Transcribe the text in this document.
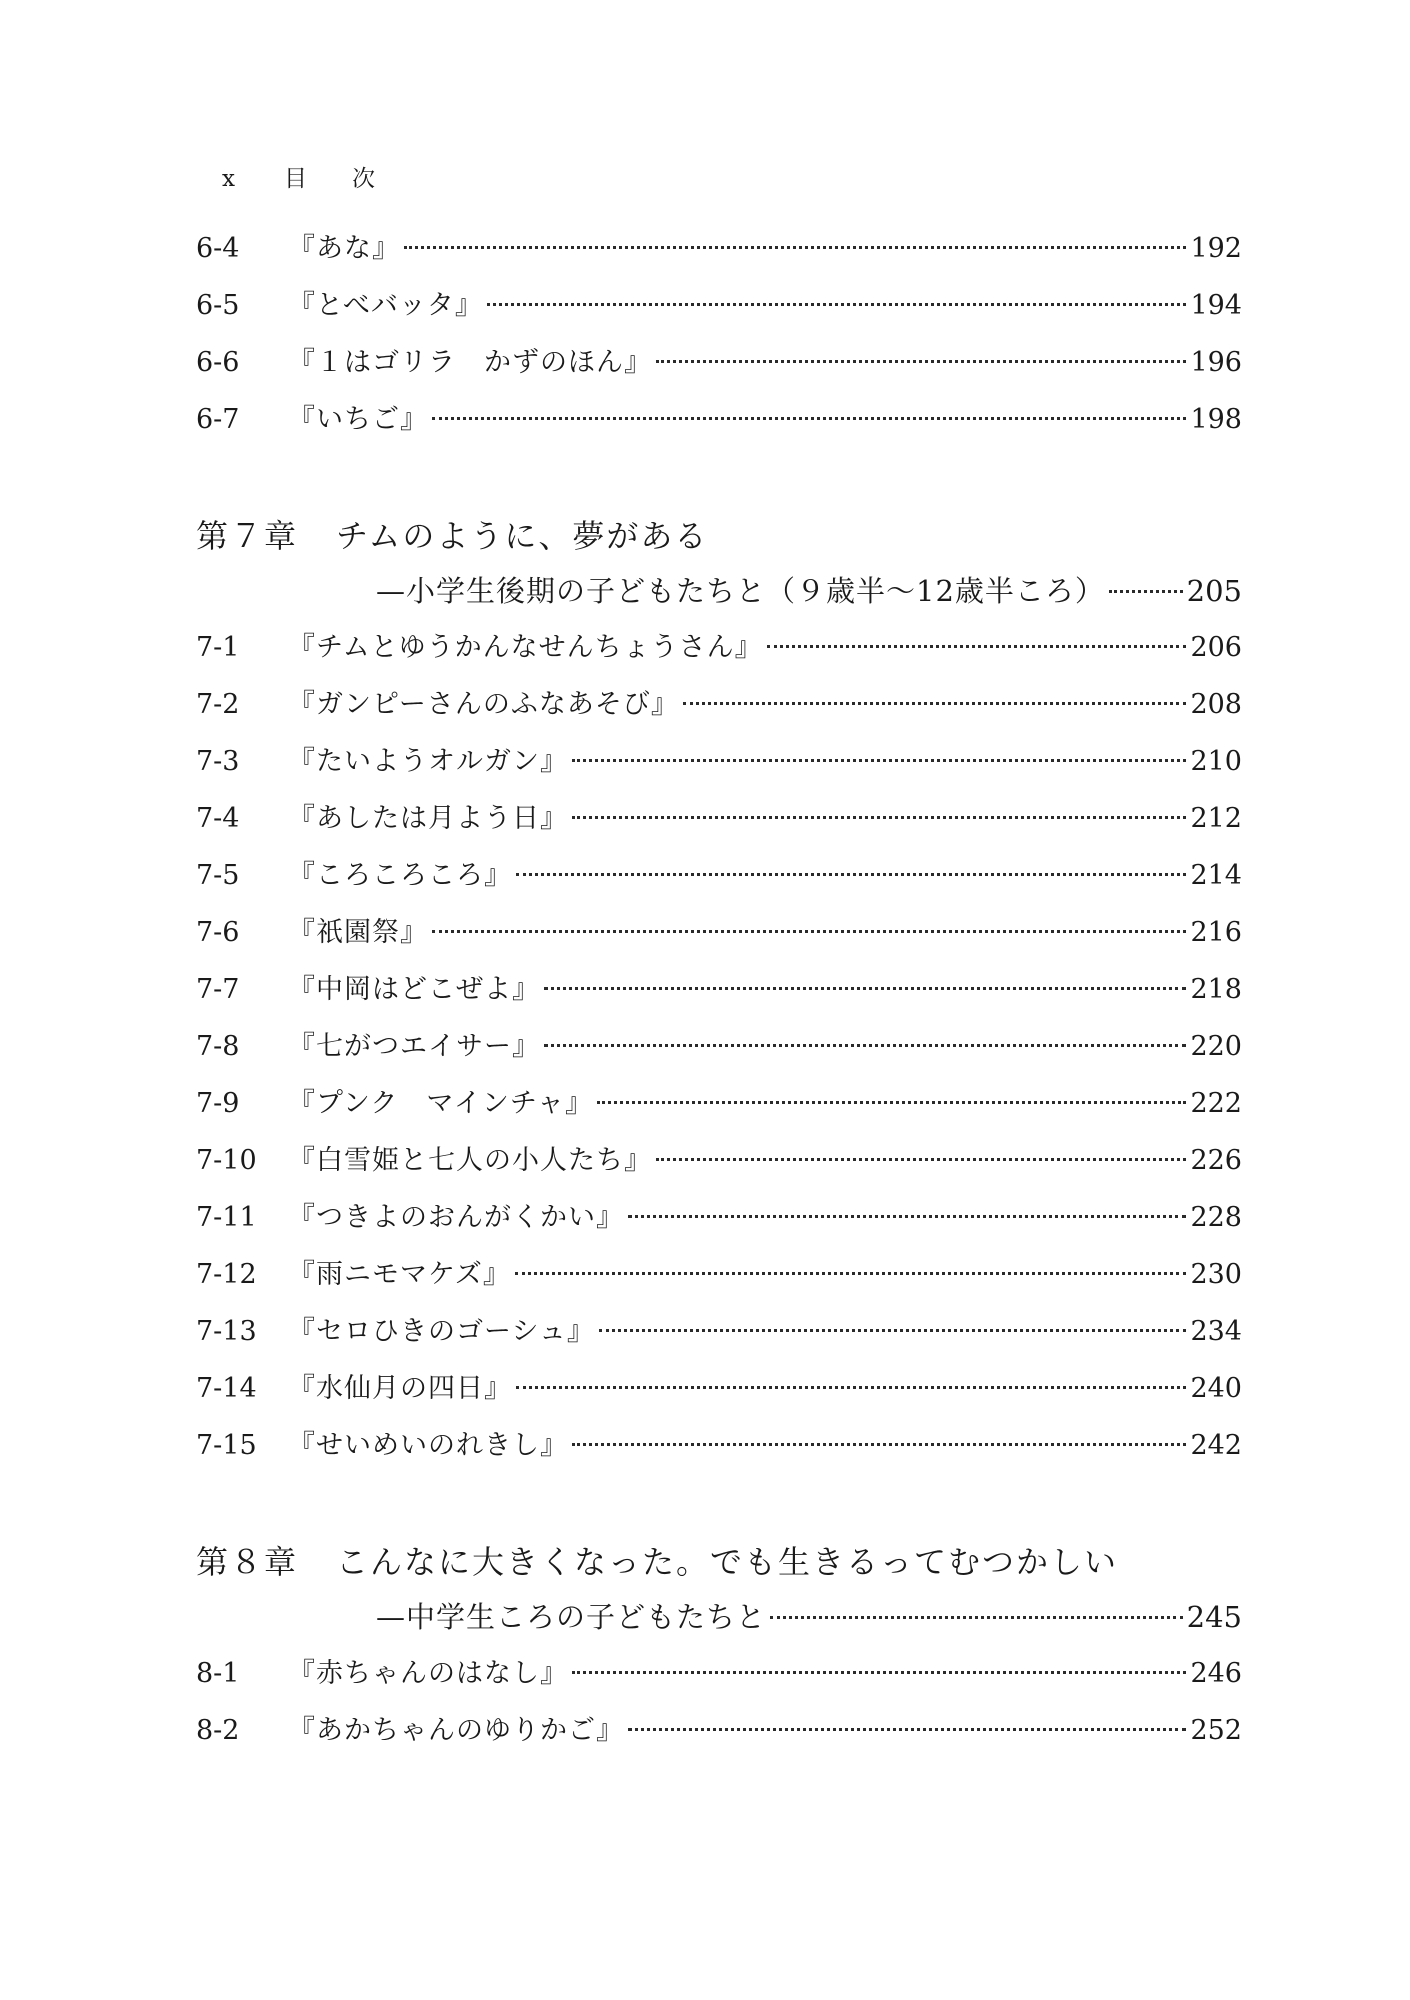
x 目 次
6-4	『あな』	192
6-5	『とべバッタ』	194
6-6	『１はゴリラ　かずのほん』	196
6-7	『いちご』	198
第７章	チムのように、夢がある
—小学生後期の子どもたちと（９歳半〜12歳半ころ）	205
7-1	『チムとゆうかんなせんちょうさん』	206
7-2	『ガンピーさんのふなあそび』	208
7-3	『たいようオルガン』	210
7-4	『あしたは月よう日』	212
7-5	『ころころころ』	214
7-6	『祇園祭』	216
7-7	『中岡はどこぜよ』	218
7-8	『七がつエイサー』	220
7-9	『プンク　マインチャ』	222
7-10	『白雪姫と七人の小人たち』	226
7-11	『つきよのおんがくかい』	228
7-12	『雨ニモマケズ』	230
7-13	『セロひきのゴーシュ』	234
7-14	『水仙月の四日』	240
7-15	『せいめいのれきし』	242
第８章	こんなに大きくなった。でも生きるってむつかしい
—中学生ころの子どもたちと	245
8-1	『赤ちゃんのはなし』	246
8-2	『あかちゃんのゆりかご』	252
